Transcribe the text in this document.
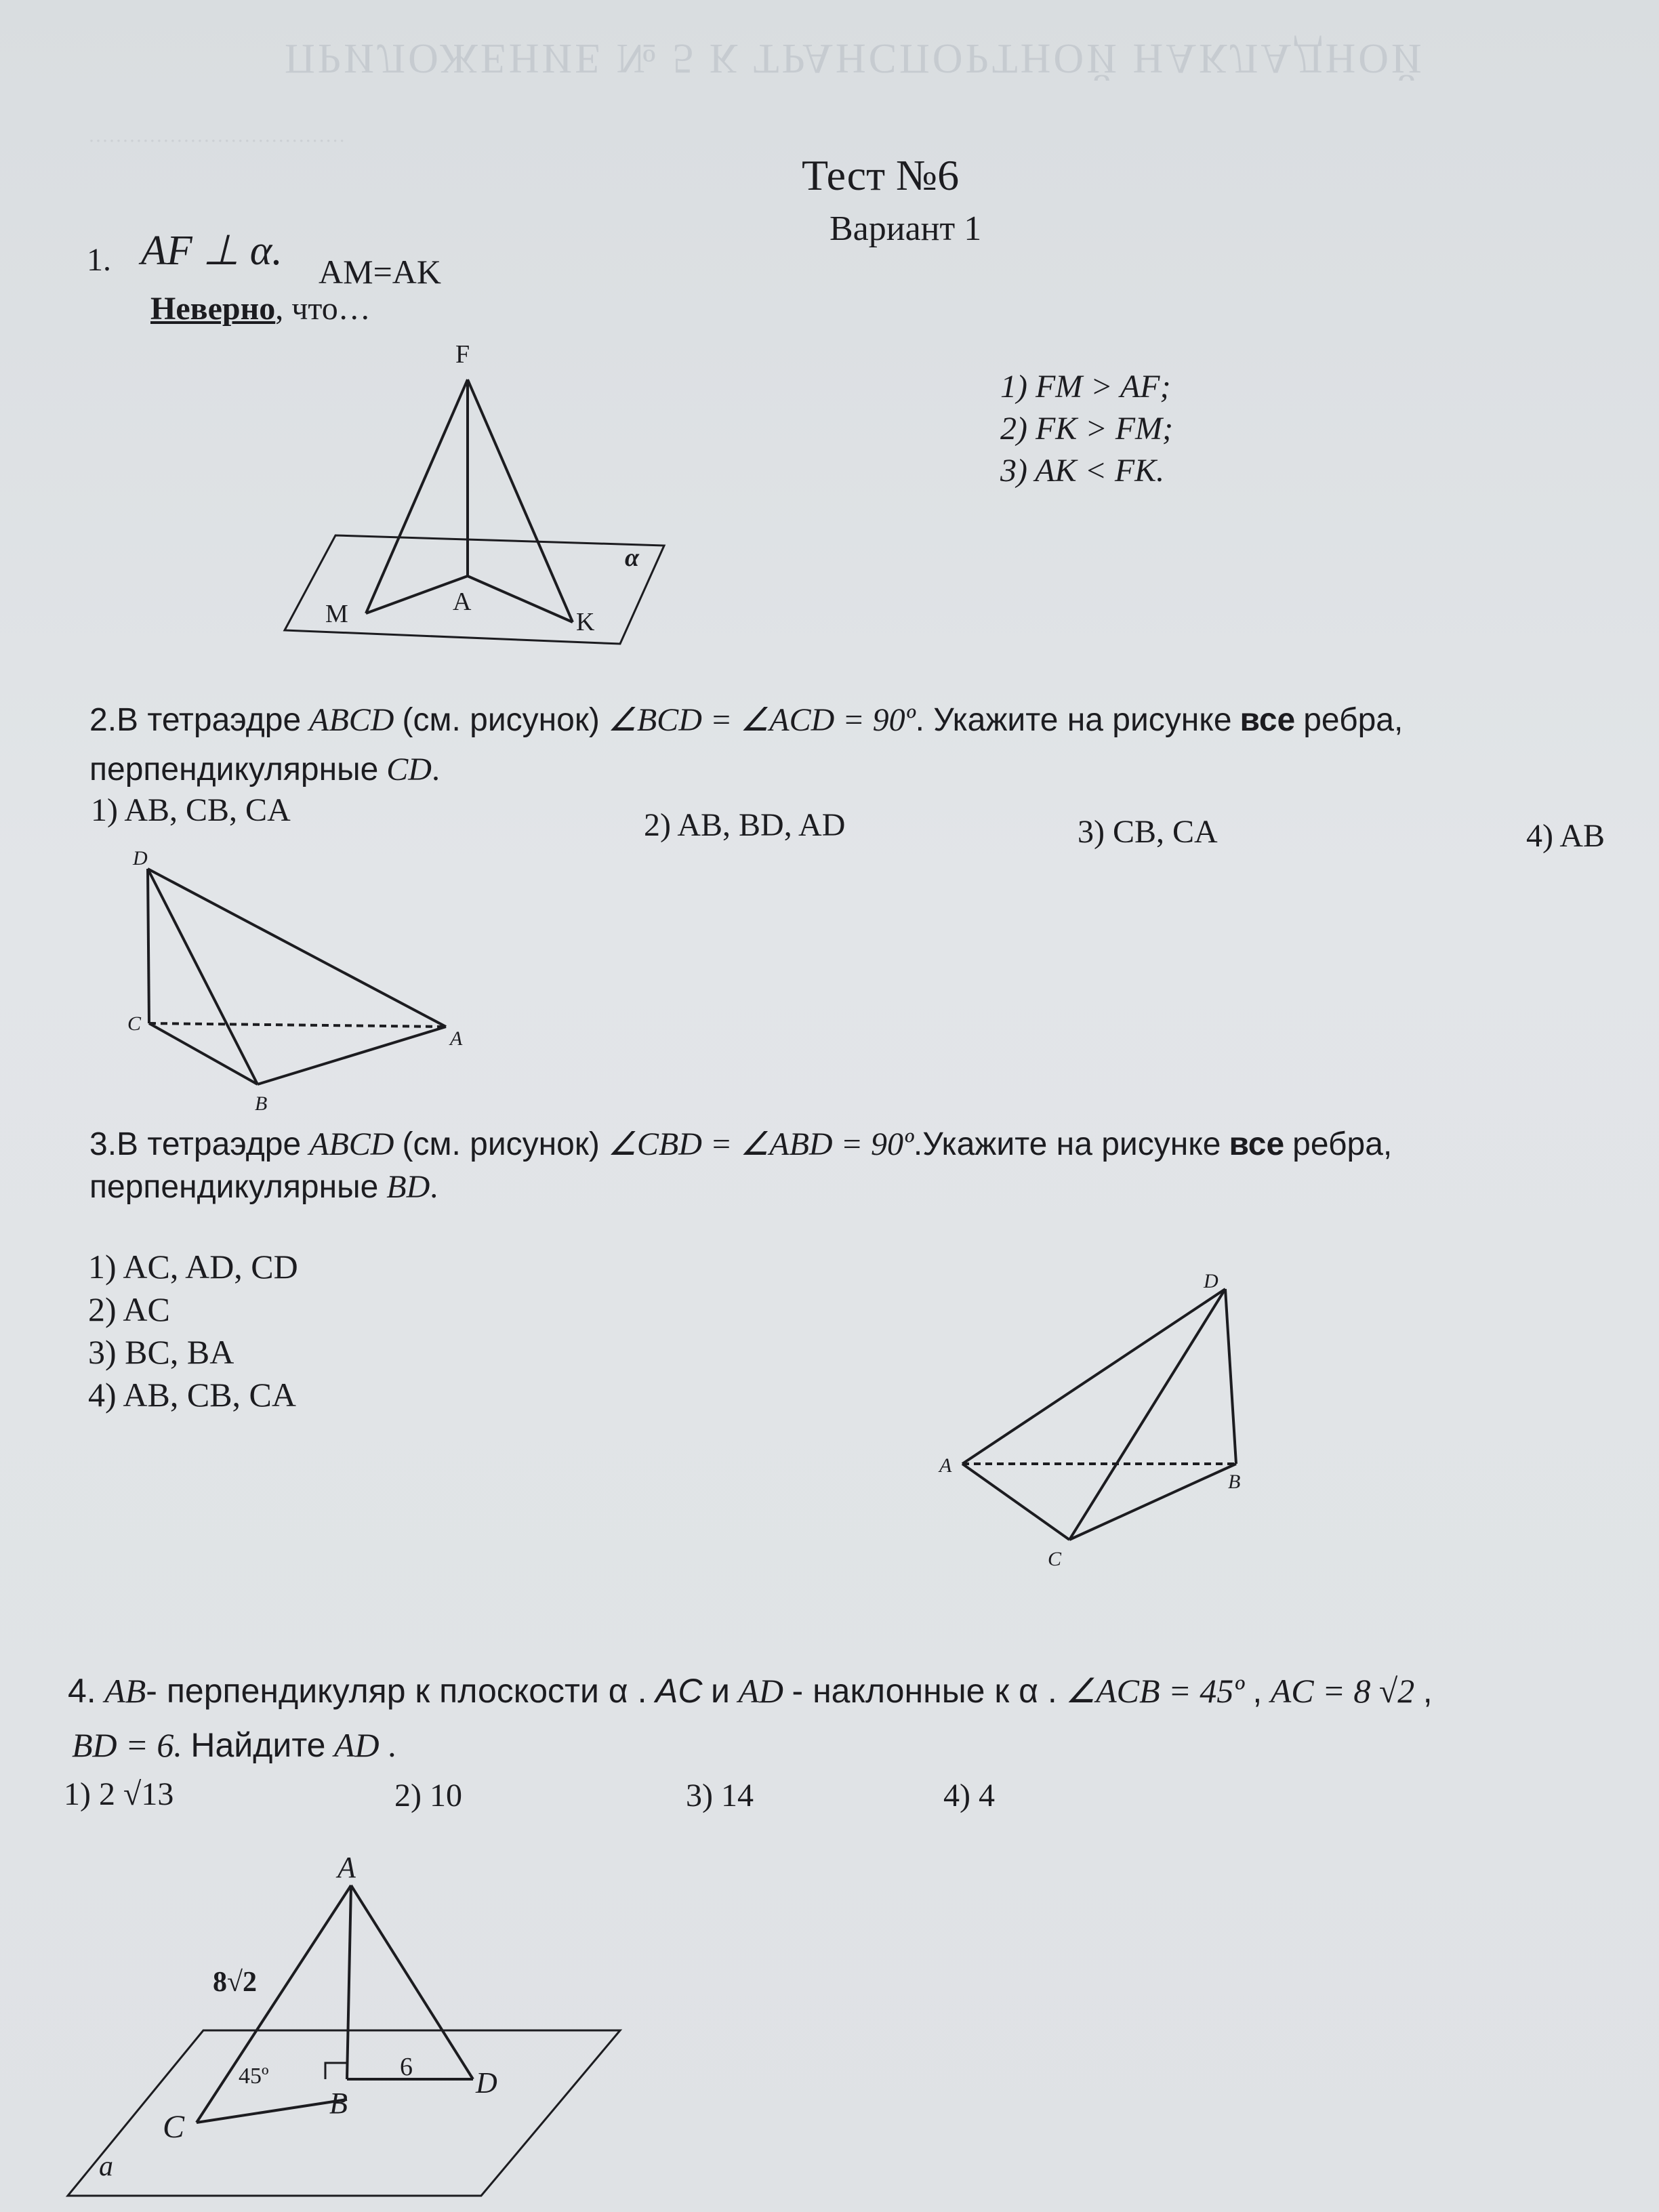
ПРИЛОЖЕНИЕ № 5 К ТРАНСПОРТНОЙ НАКЛАДНОЙ
······································
Тест №6
Вариант 1
1. AF ⊥ α. AM=AK
Неверно, что…
F
A
M	K
α
1) FM > AF;
2) FK > FM;
3) AK < FK.
2.В тетраэдре ABCD (см. рисунок) ∠BCD = ∠ACD = 90º. Укажите на рисунке все ребра,
перпендикулярные CD.
1) AB, CB, CA	2) AB, BD, AD	3) CB, CA	4) AB
D
C
A
B
3.В тетраэдре ABCD (см. рисунок) ∠CBD = ∠ABD = 90º.Укажите на рисунке все ребра,
перпендикулярные BD.
1) AC, AD, CD
2) AC
3) BC, BA
4) AB, CB, CA
D
A
B
C
4. AB- перпендикуляр к плоскости α . AC и AD - наклонные к α . ∠ACB = 45º , AC = 8 √2 ,
BD = 6. Найдите AD .
1) 2 √13	2) 10	3) 14	4) 4
A
B
C
D
a
8√2
45º	6
